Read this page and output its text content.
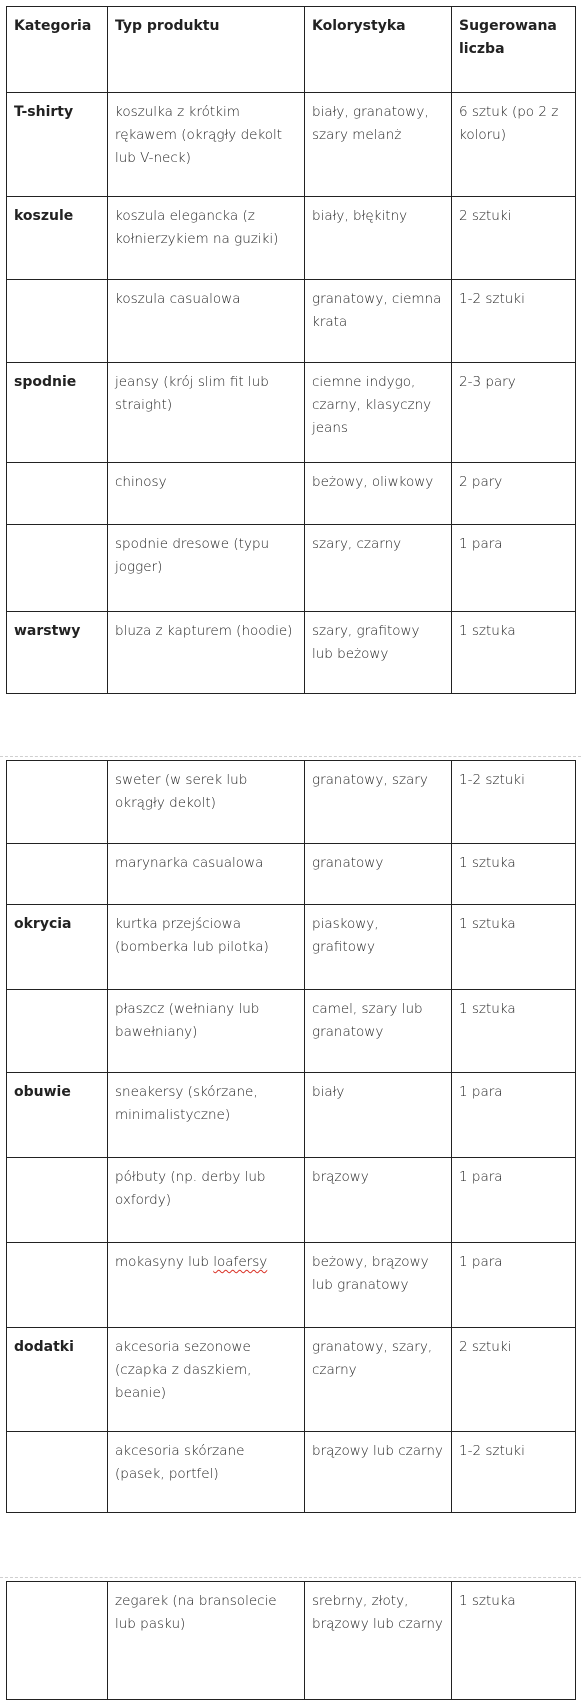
Kategoria	Typ produktu	Kolorystyka	Sugerowana liczba
T-shirty	koszulka z krótkim rękawem (okrągły dekolt lub V-neck)	biały, granatowy, szary melanż	6 sztuk (po 2 z koloru)
koszule	koszula elegancka (z kołnierzykiem na guziki)	biały, błękitny	2 sztuki
	koszula casualowa	granatowy, ciemna krata	1-2 sztuki
spodnie	jeansy (krój slim fit lub straight)	ciemne indygo, czarny, klasyczny jeans	2-3 pary
	chinosy	beżowy, oliwkowy	2 pary
	spodnie dresowe (typu jogger)	szary, czarny	1 para
warstwy	bluza z kapturem (hoodie)	szary, grafitowy lub beżowy	1 sztuka
	sweter (w serek lub okrągły dekolt)	granatowy, szary	1-2 sztuki
	marynarka casualowa	granatowy	1 sztuka
okrycia	kurtka przejściowa (bomberka lub pilotka)	piaskowy, grafitowy	1 sztuka
	płaszcz (wełniany lub bawełniany)	camel, szary lub granatowy	1 sztuka
obuwie	sneakersy (skórzane, minimalistyczne)	biały	1 para
	półbuty (np. derby lub oxfordy)	brązowy	1 para
	mokasyny lub loafersy	beżowy, brązowy lub granatowy	1 para
dodatki	akcesoria sezonowe (czapka z daszkiem, beanie)	granatowy, szary, czarny	2 sztuki
	akcesoria skórzane (pasek, portfel)	brązowy lub czarny	1-2 sztuki
	zegarek (na bransolecie lub pasku)	srebrny, złoty, brązowy lub czarny	1 sztuka
